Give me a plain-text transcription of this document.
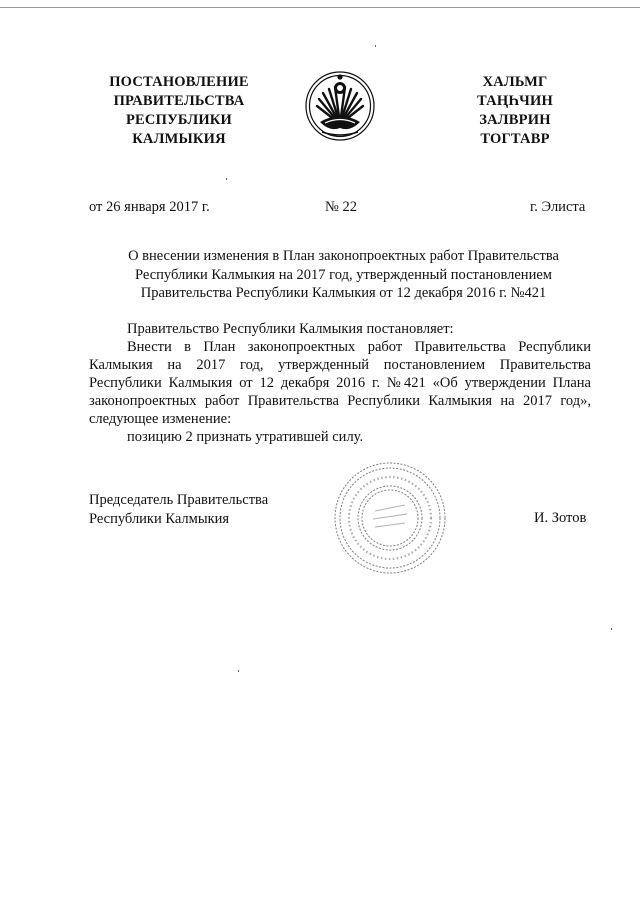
ПОСТАНОВЛЕНИЕ
ПРАВИТЕЛЬСТВА
РЕСПУБЛИКИ
КАЛМЫКИЯ
ХАЛЬМГ
ТАҢҺЧИН
ЗАЛВРИН
ТОГТАВР
от 26 января 2017 г.	№ 22	г. Элиста
О внесении изменения в План законопроектных работ Правительства
Республики Калмыкия на 2017 год, утвержденный постановлением
Правительства Республики Калмыкия от 12 декабря 2016 г. №421

Правительство Республики Калмыкия постановляет:

Внести в План законопроектных работ Правительства Республики Калмыкия на 2017 год, утвержденный постановлением Правительства Республики Калмыкия от 12 декабря 2016 г. №421 «Об утверждении Плана законопроектных работ Правительства Республики Калмыкия на 2017 год», следующее изменение:

позицию 2 признать утратившей силу.

Председатель Правительства
Республики Калмыкия	И. Зотов
